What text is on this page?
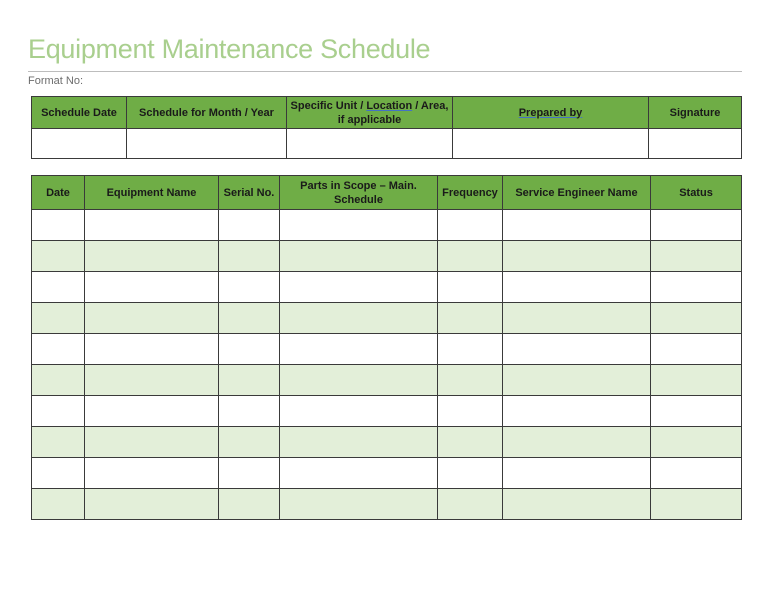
Equipment Maintenance Schedule
Format No:
Schedule Date	Schedule for Month / Year	Specific Unit / Location / Area, if applicable	Prepared by	Signature

Date	Equipment Name	Serial No.	Parts in Scope – Main. Schedule	Frequency	Service Engineer Name	Status
